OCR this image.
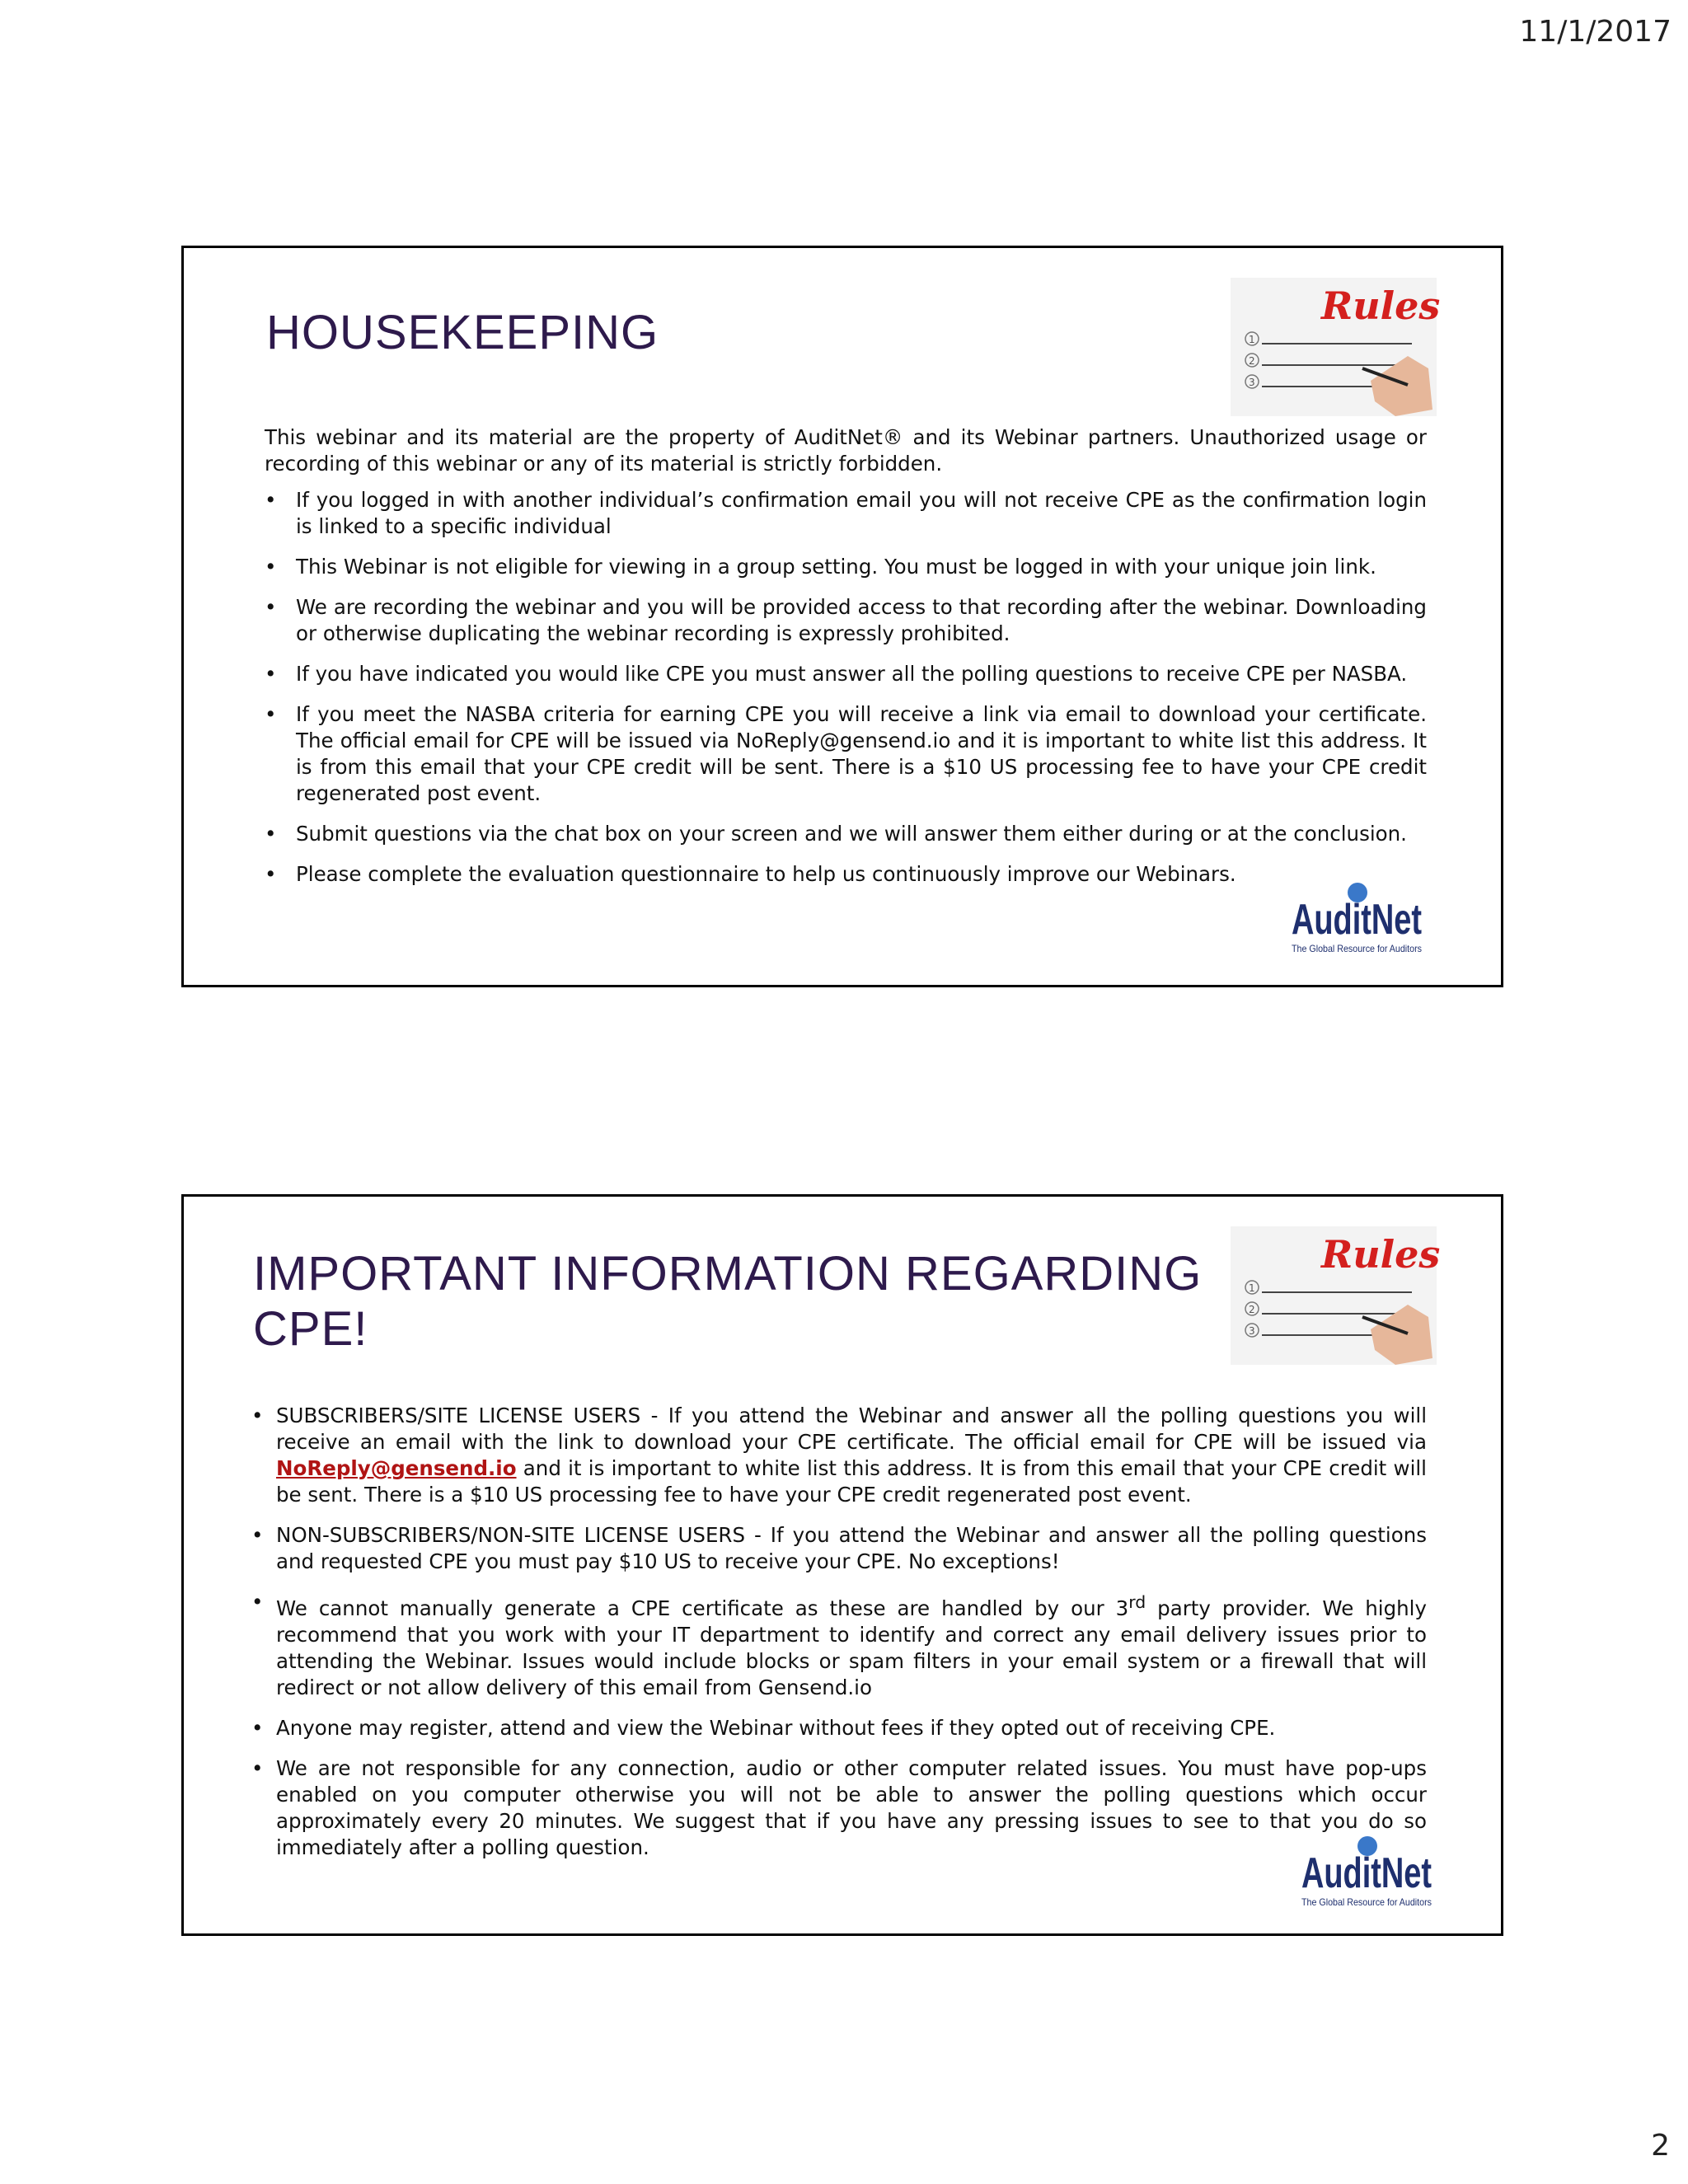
11/1/2017
HOUSEKEEPING	Rules
1
2
3

This webinar and its material are the property of AuditNet® and its Webinar partners. Unauthorized usage or recording of this webinar or any of its material is strictly forbidden.

• If you logged in with another individual’s confirmation email you will not receive CPE as the confirmation login is linked to a specific individual
• This Webinar is not eligible for viewing in a group setting. You must be logged in with your unique join link.
• We are recording the webinar and you will be provided access to that recording after the webinar. Downloading or otherwise duplicating the webinar recording is expressly prohibited.
• If you have indicated you would like CPE you must answer all the polling questions to receive CPE per NASBA.
• If you meet the NASBA criteria for earning CPE you will receive a link via email to download your certificate. The official email for CPE will be issued via NoReply@gensend.io and it is important to white list this address. It is from this email that your CPE credit will be sent. There is a $10 US processing fee to have your CPE credit regenerated post event.
• Submit questions via the chat box on your screen and we will answer them either during or at the conclusion.
• Please complete the evaluation questionnaire to help us continuously improve our Webinars.
AuditNet
The Global Resource for Auditors
IMPORTANT INFORMATION REGARDING CPE!
Rules
1
2
3
• SUBSCRIBERS/SITE LICENSE USERS - If you attend the Webinar and answer all the polling questions you will receive an email with the link to download your CPE certificate. The official email for CPE will be issued via NoReply@gensend.io and it is important to white list this address. It is from this email that your CPE credit will be sent. There is a $10 US processing fee to have your CPE credit regenerated post event.
• NON-SUBSCRIBERS/NON-SITE LICENSE USERS - If you attend the Webinar and answer all the polling questions and requested CPE you must pay $10 US to receive your CPE. No exceptions!
• We cannot manually generate a CPE certificate as these are handled by our 3rd party provider. We highly recommend that you work with your IT department to identify and correct any email delivery issues prior to attending the Webinar. Issues would include blocks or spam filters in your email system or a firewall that will redirect or not allow delivery of this email from Gensend.io
• Anyone may register, attend and view the Webinar without fees if they opted out of receiving CPE.
• We are not responsible for any connection, audio or other computer related issues. You must have pop-ups enabled on you computer otherwise you will not be able to answer the polling questions which occur approximately every 20 minutes. We suggest that if you have any pressing issues to see to that you do so immediately after a polling question.
AuditNet
The Global Resource for Auditors
2
